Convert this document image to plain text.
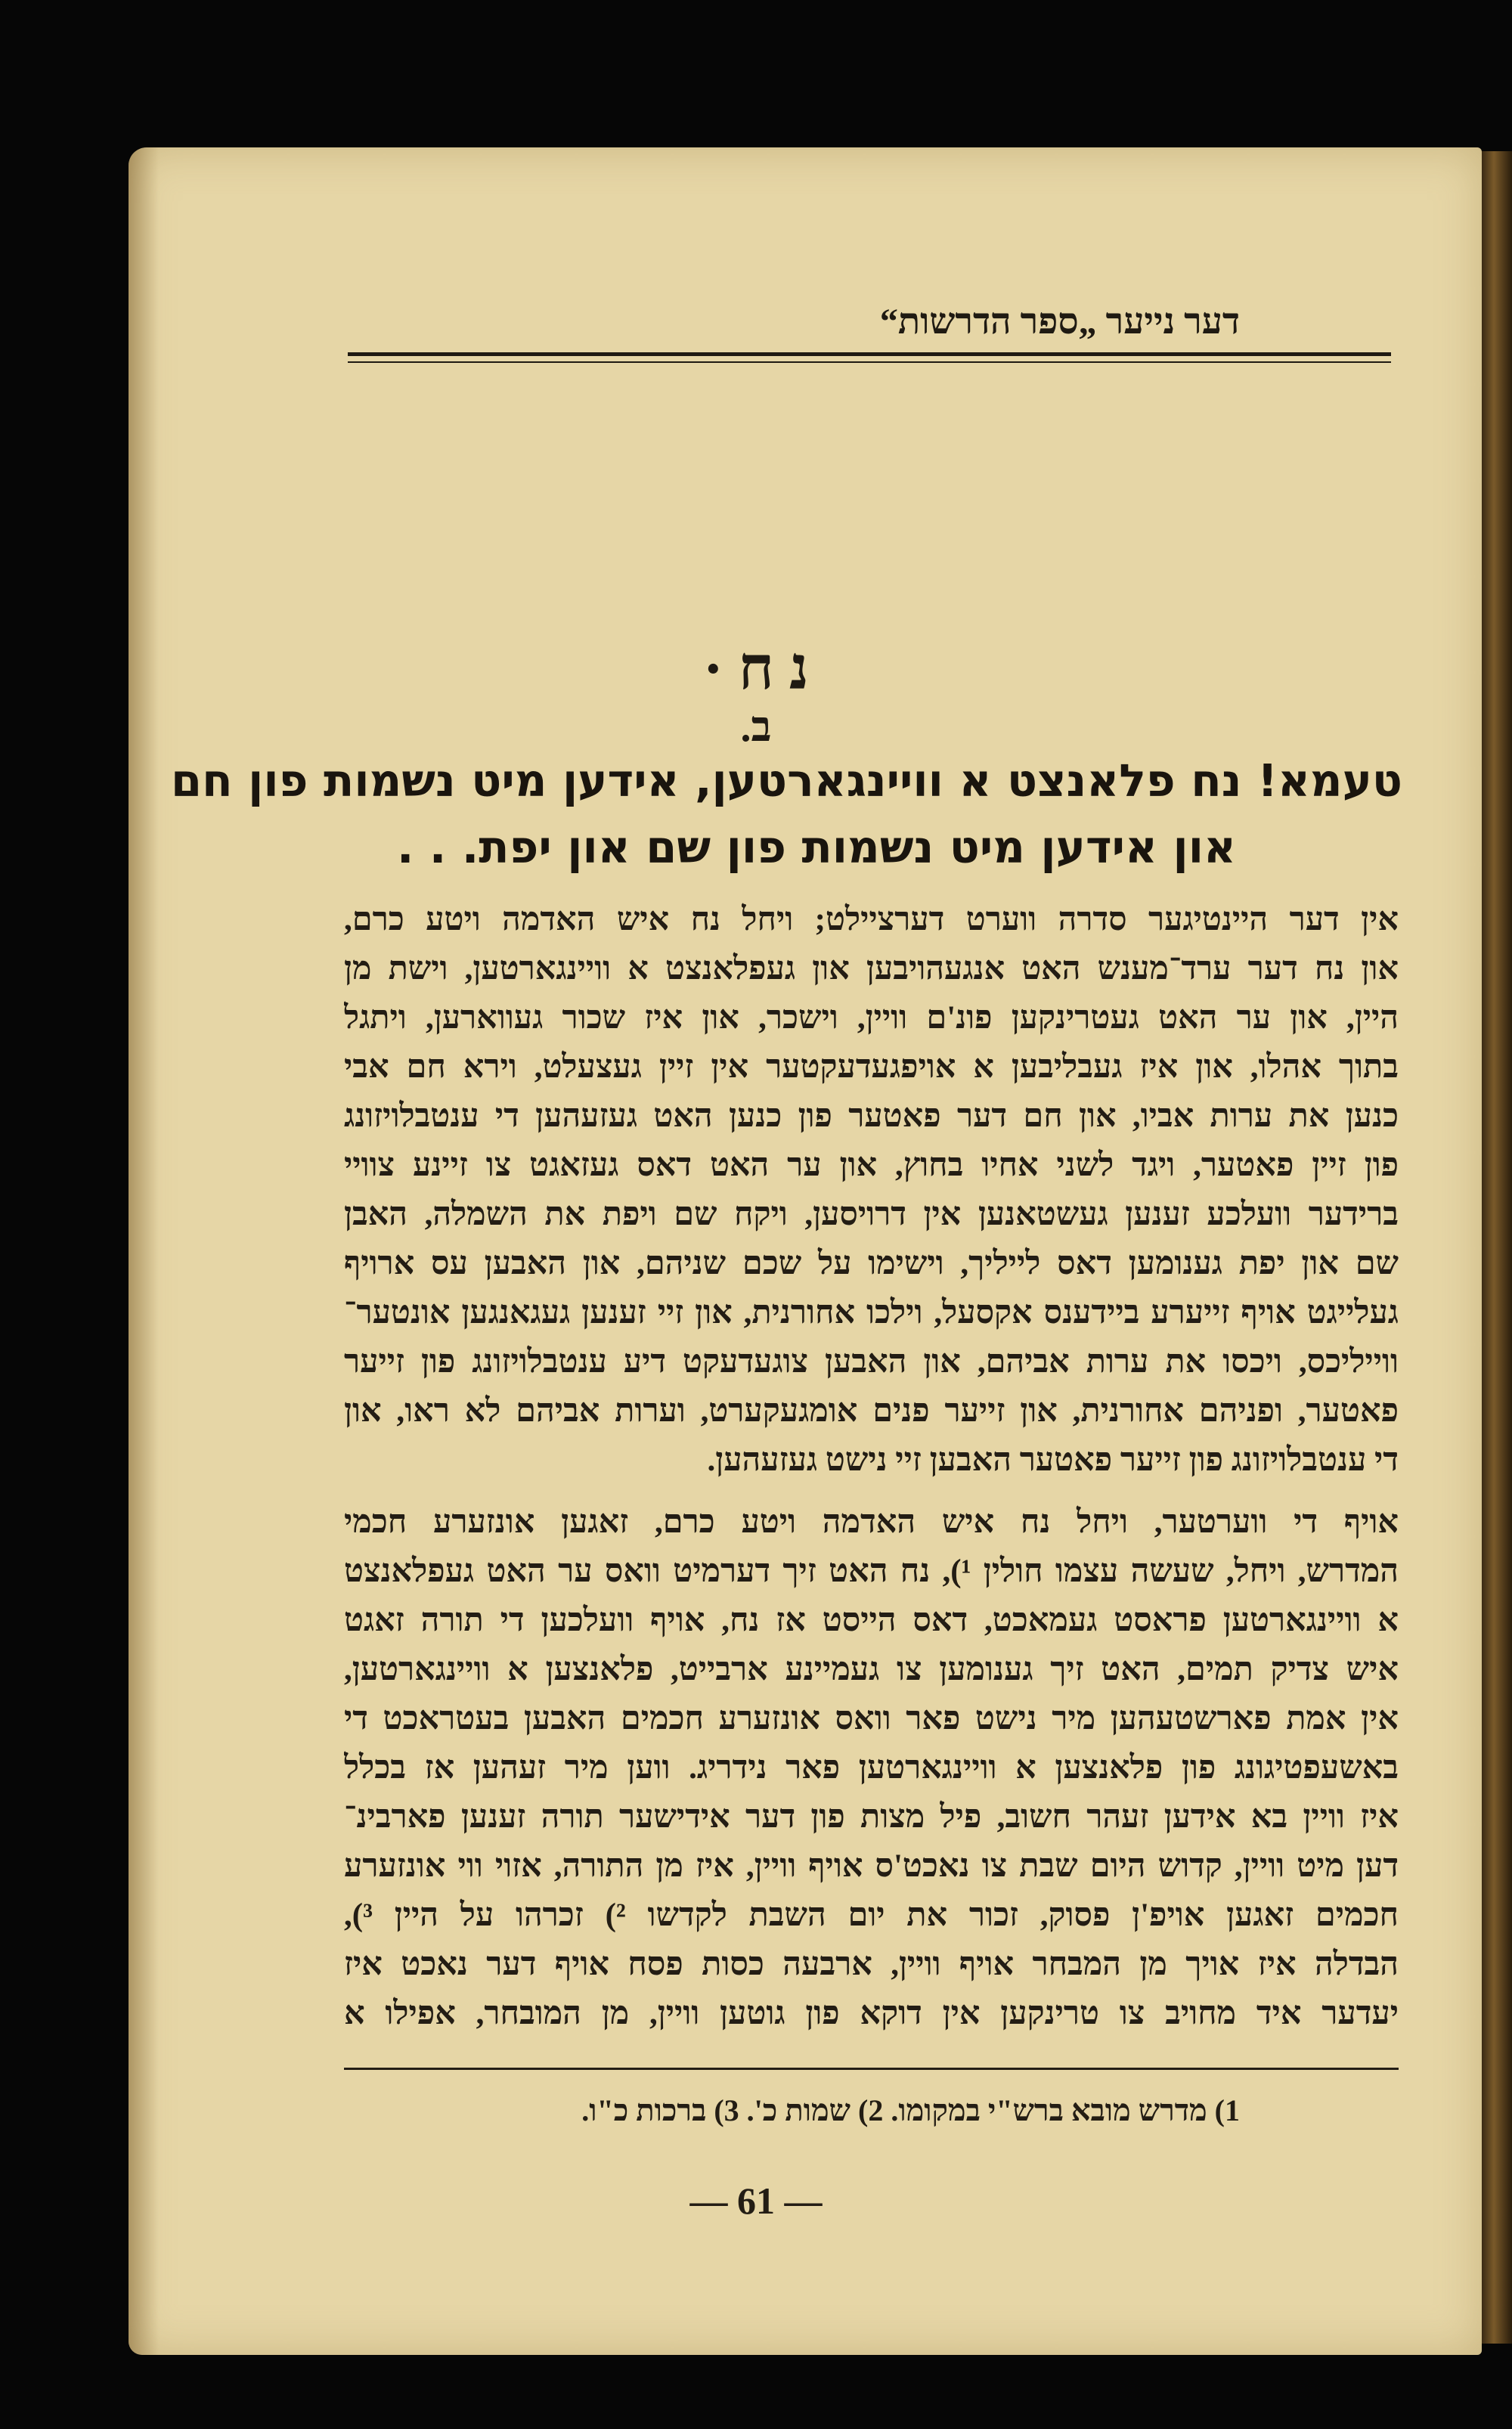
דער נייער „ספר הדרשות“
נ ח ·
ב.
טעמא! נח פלאנצט א וויינגארטען, אידען מיט נשמות פון חם
און אידען מיט נשמות פון שם און יפת. . .
אין דער היינטיגער סדרה ווערט דערציילט; ויחל נח איש האדמה ויטע כרם,
און נח דער ערד־מענש האט אנגעהויבען און געפלאנצט א וויינגארטען, וישת מן
היין, און ער האט געטרינקען פונ'ם וויין, וישכר, און איז שכור געווארען, ויתגל
בתוך אהלו, און איז געבליבען א אויפגעדעקטער אין זיין געצעלט, וירא חם אבי
כנען את ערות אביו, און חם דער פאטער פון כנען האט געזעהען די ענטבלויזונג
פון זיין פאטער, ויגד לשני אחיו בחוץ, און ער האט דאס געזאגט צו זיינע צוויי
ברידער וועלכע זענען געשטאנען אין דרויסען, ויקח שם ויפת את השמלה, האבן
שם און יפת גענומען דאס לייליך, וישימו על שכם שניהם, און האבען עס ארויף
געלייגט אויף זייערע ביידענס אקסעל, וילכו אחורנית, און זיי זענען געגאנגען אונטער־
ווייליכס, ויכסו את ערות אביהם, און האבען צוגעדעקט דיע ענטבלויזונג פון זייער
פאטער, ופניהם אחורנית, און זייער פנים אומגעקערט, וערות אביהם לא ראו, און
די ענטבלויזונג פון זייער פאטער האבען זיי נישט געזעהען.
אויף די ווערטער, ויחל נח איש האדמה ויטע כרם, זאגען אונזערע חכמי
המדרש, ויחל, שעשה עצמו חולין ¹), נח האט זיך דערמיט וואס ער האט געפלאנצט
א וויינגארטען פראסט געמאכט, דאס הייסט אז נח, אויף וועלכען די תורה זאגט
איש צדיק תמים, האט זיך גענומען צו געמיינע ארבייט, פלאנצען א וויינגארטען,
אין אמת פארשטעהען מיר נישט פאר וואס אונזערע חכמים האבען בעטראכט די
באשעפטיגונג פון פלאנצען א וויינגארטען פאר נידריג. ווען מיר זעהען אז בכלל
איז וויין בא אידען זעהר חשוב, פיל מצות פון דער אידישער תורה זענען פארבינ־
דען מיט וויין, קדוש היום שבת צו נאכט'ס אויף וויין, איז מן התורה, אזוי ווי אונזערע
חכמים זאגען אויפ'ן פסוק, זכור את יום השבת לקדשו ²) זכרהו על היין ³),
הבדלה איז אויך מן המבחר אויף וויין, ארבעה כסות פסח אויף דער נאכט איז
יעדער איד מחויב צו טרינקען אין דוקא פון גוטען וויין, מן המובחר, אפילו א
1) מדרש מובא ברש"י במקומו. 2) שמות כ'. 3) ברכות כ"ו.
— 61 —
